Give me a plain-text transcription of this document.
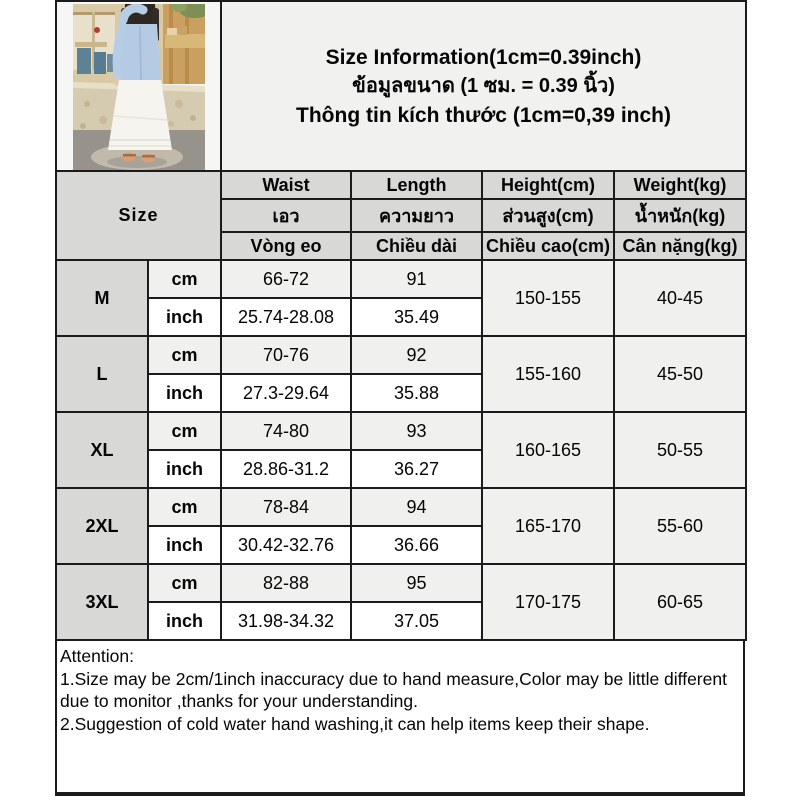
Size Information(1cm=0.39inch)
ข้อมูลขนาด (1 ซม. = 0.39 นิ้ว)
Thông tin kích thước (1cm=0,39 inch)			

Size		Waist	Length	Height(cm)	Weight(kg)
		เอว	ความยาว	ส่วนสูง(cm)	น้ำหนัก(kg)
		Vòng eo	Chiều dài	Chiều cao(cm)	Cân nặng(kg)
M	cm	66-72	91	150-155	40-45
	inch	25.74-28.08	35.49		
L	cm	70-76	92	155-160	45-50
	inch	27.3-29.64	35.88		
XL	cm	74-80	93	160-165	50-55
	inch	28.86-31.2	36.27		
2XL	cm	78-84	94	165-170	55-60
	inch	30.42-32.76	36.66		
3XL	cm	82-88	95	170-175	60-65
	inch	31.98-34.32	37.05		
Attention:
1.Size may be 2cm/1inch inaccuracy due to hand measure,Color may be little different
due to monitor ,thanks for your understanding.
2.Suggestion of cold water hand washing,it can help items keep their shape.
